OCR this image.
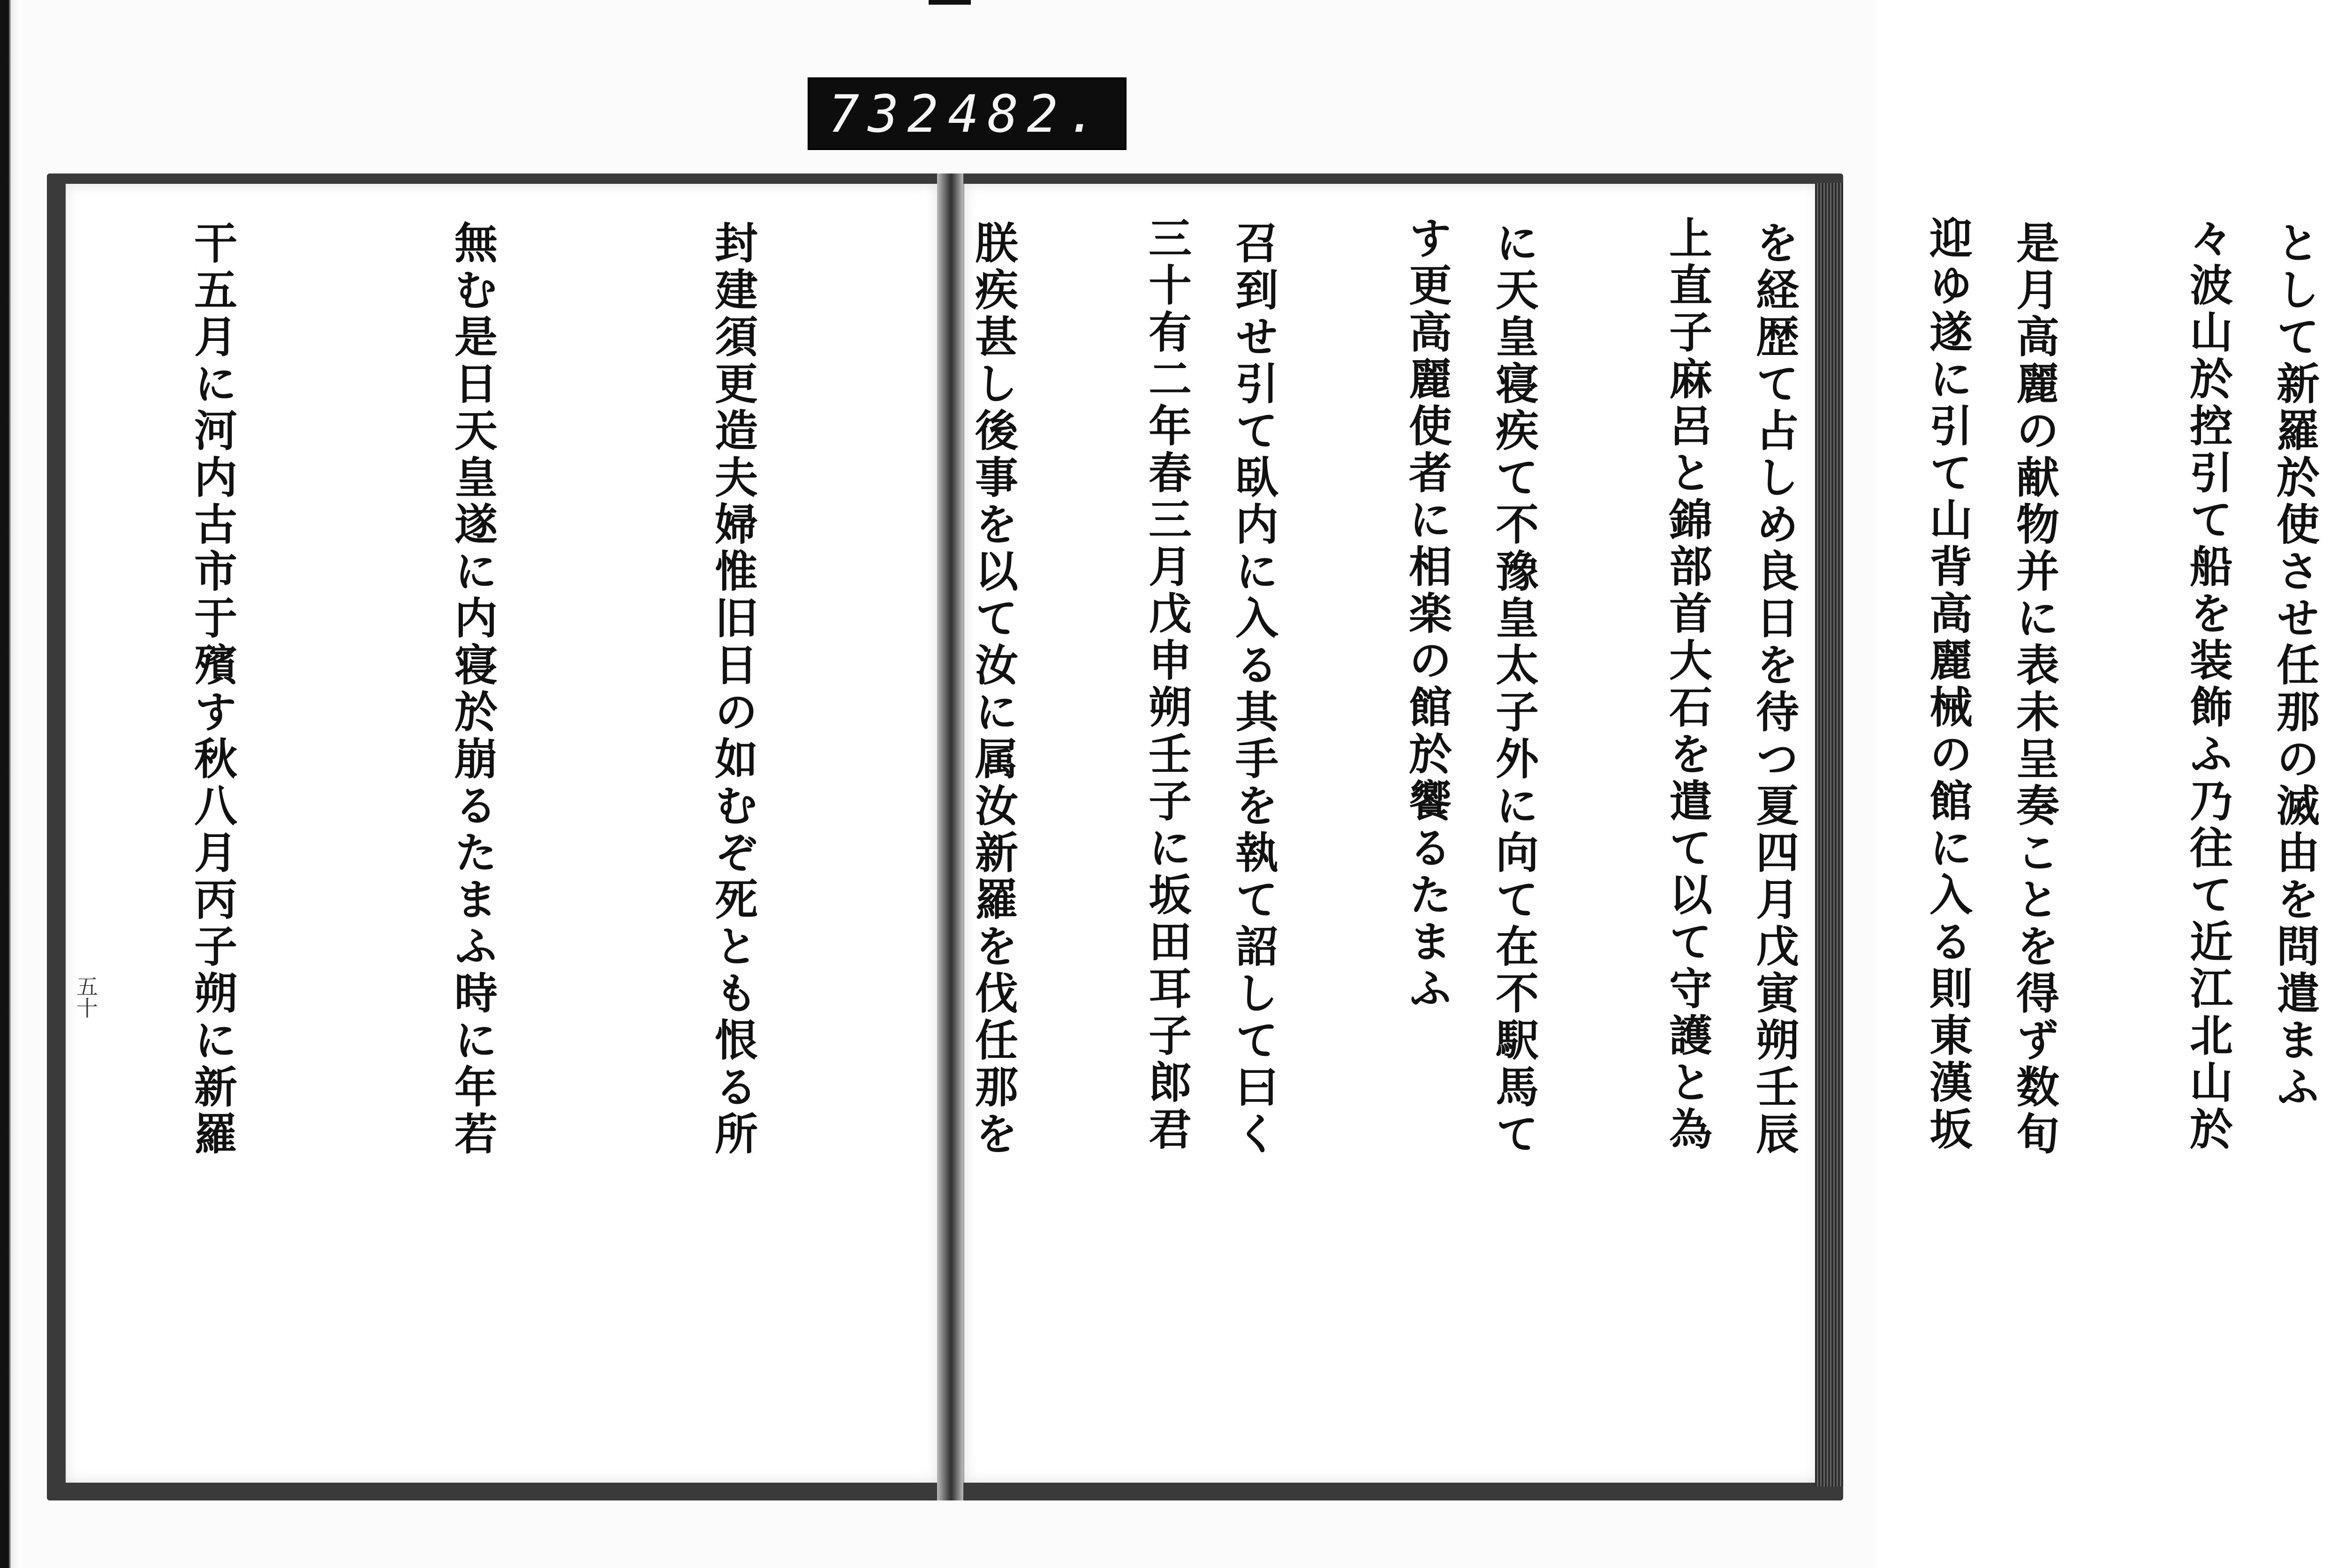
732 482.

々波山於控引て船を装飾ふ乃往て近江北山於

迎ゆ遂に引て山背高麗械の館に入る則東漢坂

上直子麻呂と錦部首大石を遣て以て守護と為

す更高麗使者に相楽の館於饗るたまふ

三十有二年春三月戊申朔壬子に坂田耳子郎君

	として新羅於使させ任那の滅由を問遣まふ

是月高麗の献物并に表未呈奏ことを得ず数旬

を経歴て占しめ良日を待つ夏四月戊寅朔壬辰

に天皇寝疾て不豫皇太子外に向て在不駅馬て

召到せ引て臥内に入る其手を執て詔して曰く

朕疾甚し後事を以て汝に属汝新羅を伐任那を

封建須更造夫婦惟旧日の如むぞ死とも恨る所

無む是日天皇遂に内寝於崩るたまふ時に年若

干五月に河内古市于殯す秋八月丙子朔に新羅

五十
